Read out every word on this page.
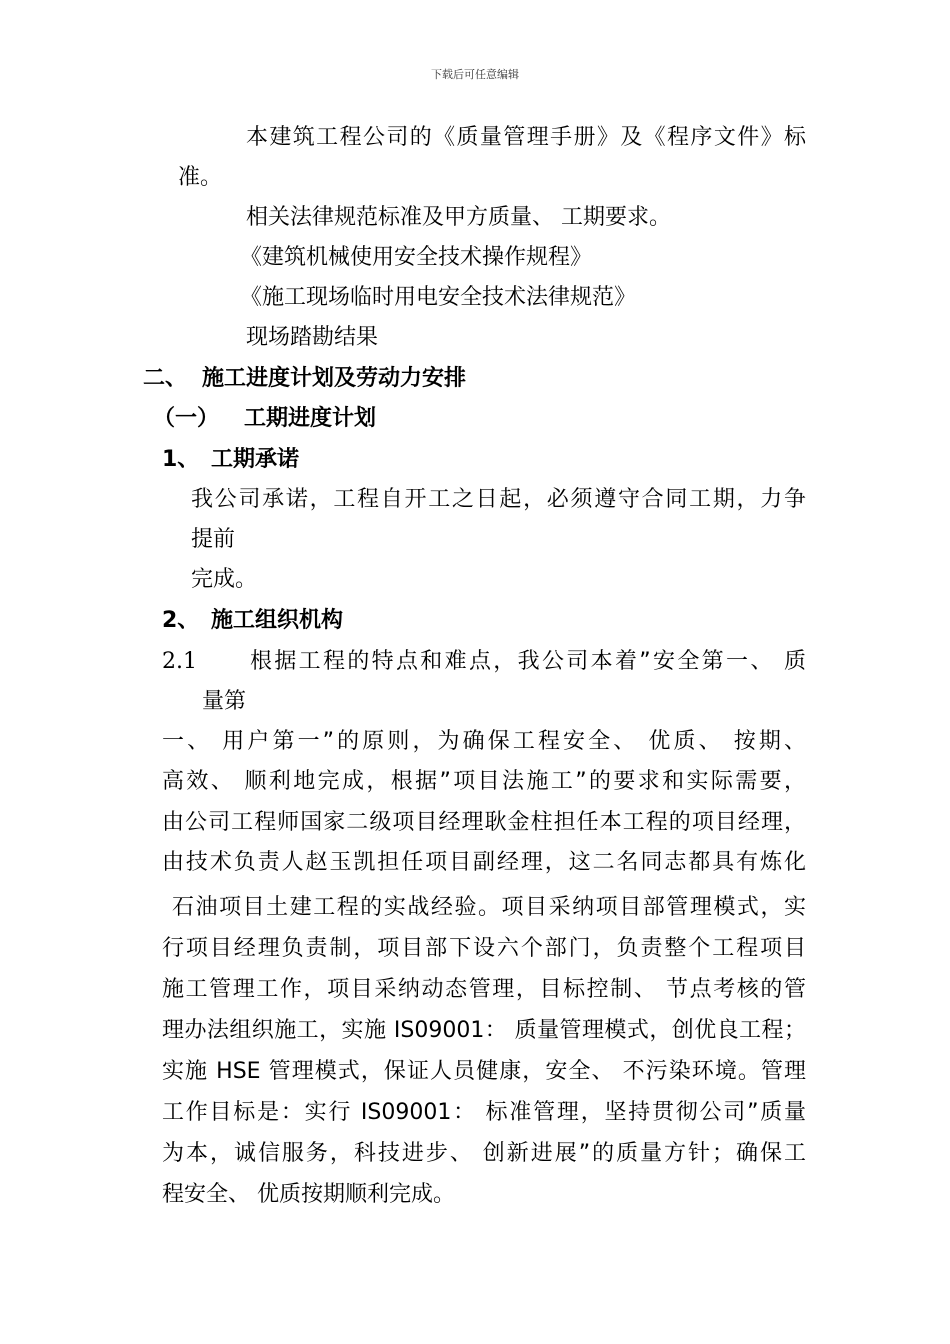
下载后可任意编辑
本建筑工程公司的《质量管理手册》及《程序文件》标
准。
相关法律规范标准及甲方质量、 工期要求。
《建筑机械使用安全技术操作规程》
《施工现场临时用电安全技术法律规范》
现场踏勘结果
二、 施工进度计划及劳动力安排
（一） 工期进度计划
1、 工期承诺
我公司承诺，工程自开工之日起，必须遵守合同工期，力争
提前
完成。
2、 施工组织机构
2.1 根据工程的特点和难点，我公司本着”安全第一、 质
量第
一、 用户第一”的原则，为确保工程安全、 优质、 按期、
高效、 顺利地完成，根据”项目法施工”的要求和实际需要，
由公司工程师国家二级项目经理耿金柱担任本工程的项目经理，
由技术负责人赵玉凯担任项目副经理，这二名同志都具有炼化
石油项目土建工程的实战经验。项目采纳项目部管理模式，实
行项目经理负责制，项目部下设六个部门，负责整个工程项目
施工管理工作，项目采纳动态管理，目标控制、 节点考核的管
理办法组织施工，实施 IS09001： 质量管理模式，创优良工程；
实施 HSE 管理模式，保证人员健康，安全、 不污染环境。管理
工作目标是：实行 IS09001： 标准管理，坚持贯彻公司”质量
为本，诚信服务，科技进步、 创新进展”的质量方针；确保工
程安全、 优质按期顺利完成。
